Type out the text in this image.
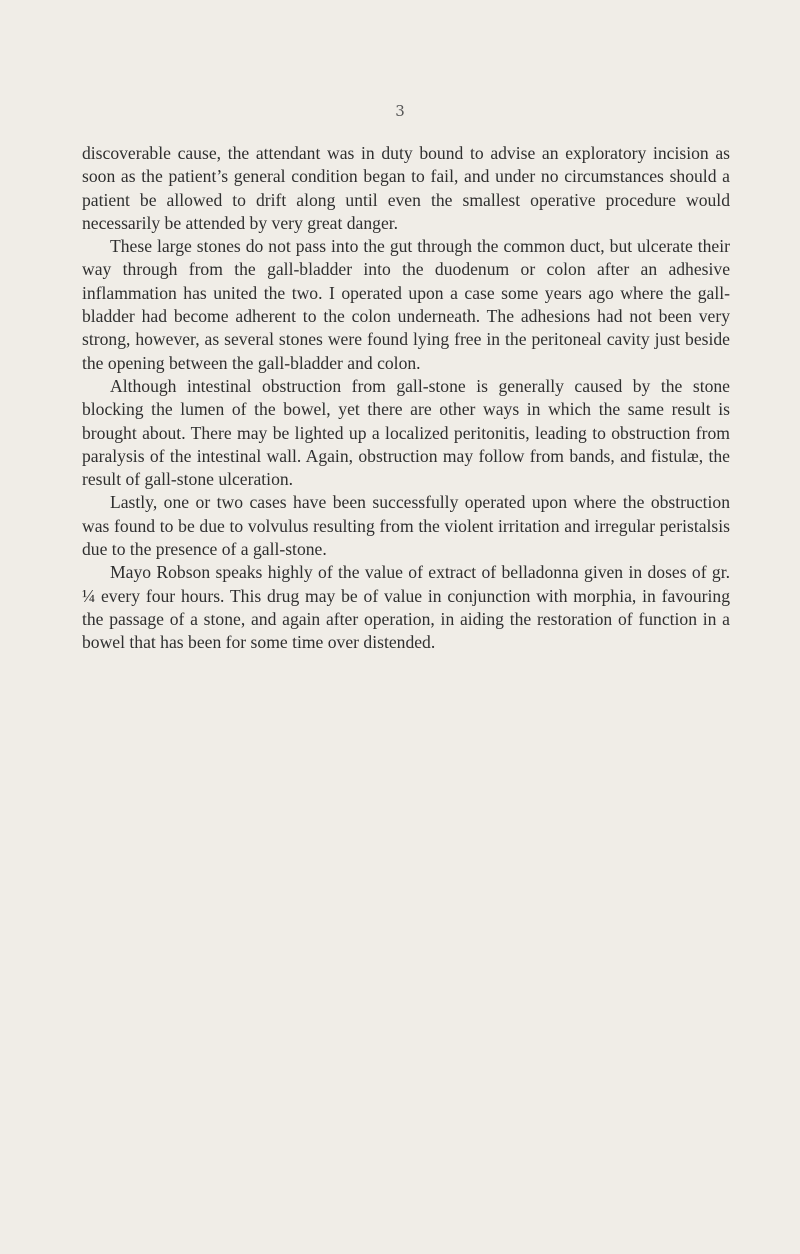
3

discoverable cause, the attendant was in duty bound to advise an exploratory incision as soon as the patient’s general condition began to fail, and under no circumstances should a patient be allowed to drift along until even the smallest operative procedure would necessarily be attended by very great danger.

These large stones do not pass into the gut through the common duct, but ulcerate their way through from the gall-bladder into the duodenum or colon after an adhesive inflammation has united the two. I operated upon a case some years ago where the gall-bladder had become adherent to the colon underneath. The adhesions had not been very strong, however, as several stones were found lying free in the peritoneal cavity just beside the opening between the gall-bladder and colon.

Although intestinal obstruction from gall-stone is generally caused by the stone blocking the lumen of the bowel, yet there are other ways in which the same result is brought about. There may be lighted up a localized peritonitis, leading to obstruction from paralysis of the intestinal wall. Again, obstruction may follow from bands, and fistulæ, the result of gall-stone ulceration.

Lastly, one or two cases have been successfully operated upon where the obstruction was found to be due to volvulus resulting from the violent irritation and irregular peristalsis due to the presence of a gall-stone.

Mayo Robson speaks highly of the value of extract of belladonna given in doses of gr. ¼ every four hours. This drug may be of value in conjunction with morphia, in favouring the passage of a stone, and again after operation, in aiding the restoration of function in a bowel that has been for some time over distended.
